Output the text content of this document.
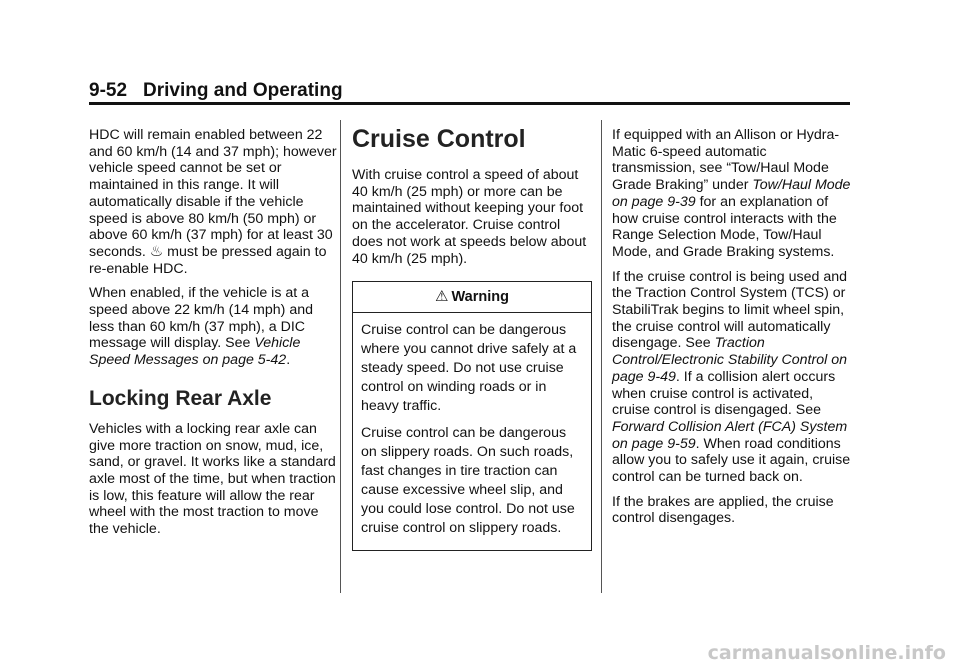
9-52 Driving and Operating

HDC will remain enabled between 22 and 60 km/h (14 and 37 mph); however vehicle speed cannot be set or maintained in this range. It will automatically disable if the vehicle speed is above 80 km/h (50 mph) or above 60 km/h (37 mph) for at least 30 seconds. ♨ must be pressed again to re-enable HDC.

When enabled, if the vehicle is at a speed above 22 km/h (14 mph) and less than 60 km/h (37 mph), a DIC message will display. See Vehicle Speed Messages on page 5-42.

Locking Rear Axle

Vehicles with a locking rear axle can give more traction on snow, mud, ice, sand, or gravel. It works like a standard axle most of the time, but when traction is low, this feature will allow the rear wheel with the most traction to move the vehicle.

Cruise Control

With cruise control a speed of about 40 km/h (25 mph) or more can be maintained without keeping your foot on the accelerator. Cruise control does not work at speeds below about 40 km/h (25 mph).

⚠ Warning

Cruise control can be dangerous where you cannot drive safely at a steady speed. Do not use cruise control on winding roads or in heavy traffic.

Cruise control can be dangerous on slippery roads. On such roads, fast changes in tire traction can cause excessive wheel slip, and you could lose control. Do not use cruise control on slippery roads.

If equipped with an Allison or Hydra-Matic 6-speed automatic transmission, see “Tow/Haul Mode Grade Braking” under Tow/Haul Mode on page 9-39 for an explanation of how cruise control interacts with the Range Selection Mode, Tow/Haul Mode, and Grade Braking systems.

If the cruise control is being used and the Traction Control System (TCS) or StabiliTrak begins to limit wheel spin, the cruise control will automatically disengage. See Traction Control/Electronic Stability Control on page 9-49. If a collision alert occurs when cruise control is activated, cruise control is disengaged. See Forward Collision Alert (FCA) System on page 9-59. When road conditions allow you to safely use it again, cruise control can be turned back on.

If the brakes are applied, the cruise control disengages.

carmanualsonline.info
